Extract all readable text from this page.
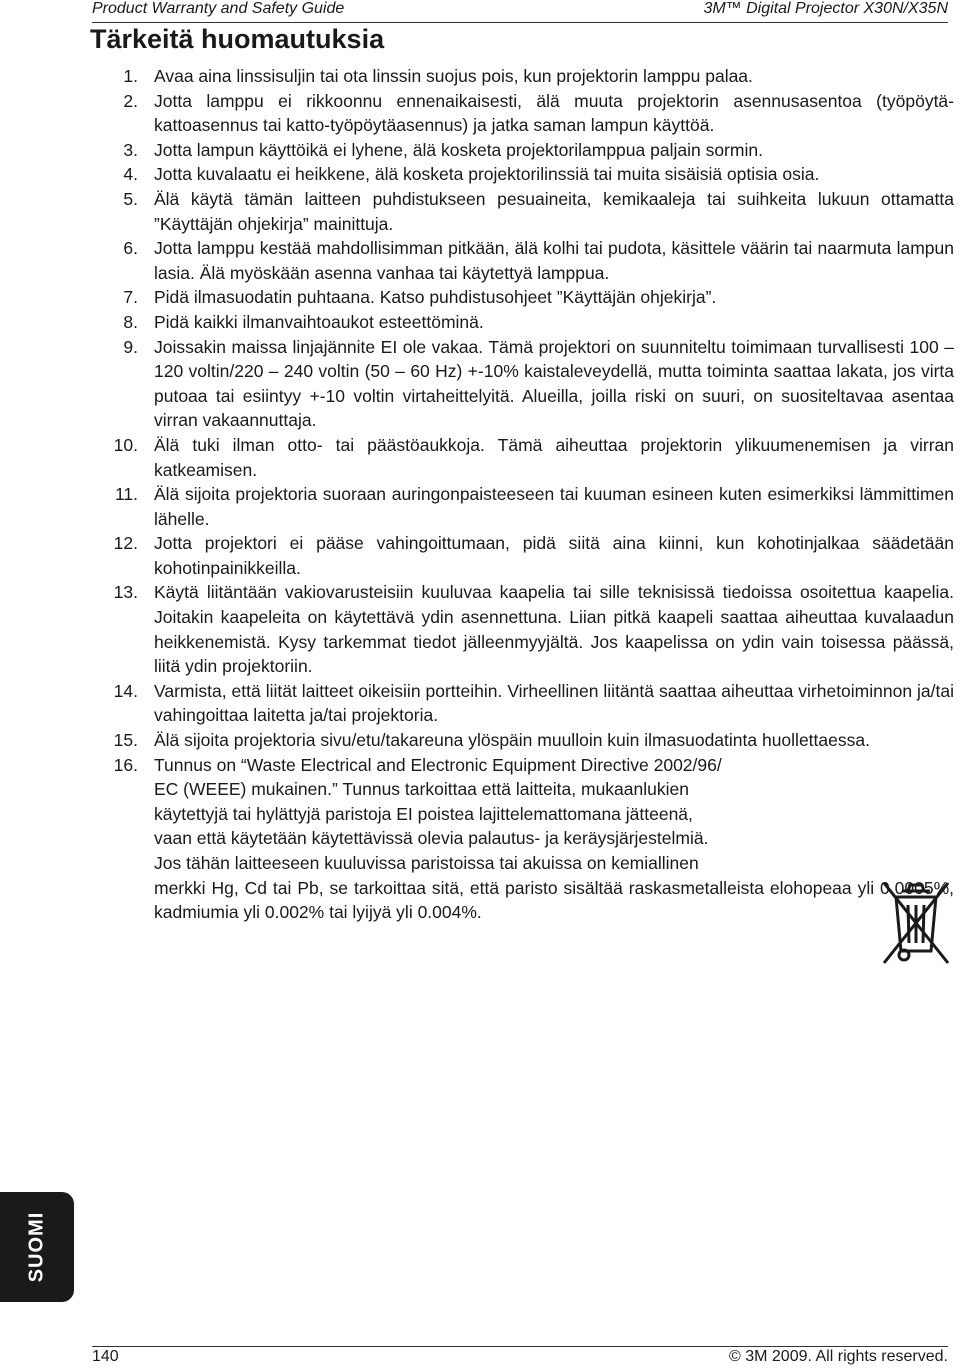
Product Warranty and Safety Guide	3M™ Digital Projector X30N/X35N
Tärkeitä huomautuksia
1. Avaa aina linssisuljin tai ota linssin suojus pois, kun projektorin lamppu palaa.
2. Jotta lamppu ei rikkoonnu ennenaikaisesti, älä muuta projektorin asennusasentoa (työpöytä-kattoasennus tai katto-työpöytäasennus) ja jatka saman lampun käyttöä.
3. Jotta lampun käyttöikä ei lyhene, älä kosketa projektorilamppua paljain sormin.
4. Jotta kuvalaatu ei heikkene, älä kosketa projektorilinssiä tai muita sisäisiä optisia osia.
5. Älä käytä tämän laitteen puhdistukseen pesuaineita, kemikaaleja tai suihkeita lukuun ottamatta ”Käyttäjän ohjekirja” mainittuja.
6. Jotta lamppu kestää mahdollisimman pitkään, älä kolhi tai pudota, käsittele väärin tai naarmuta lampun lasia. Älä myöskään asenna vanhaa tai käytettyä lamppua.
7. Pidä ilmasuodatin puhtaana. Katso puhdistusohjeet ”Käyttäjän ohjekirja”.
8. Pidä kaikki ilmanvaihtoaukot esteettöminä.
9. Joissakin maissa linjajännite EI ole vakaa. Tämä projektori on suunniteltu toimimaan turvallisesti 100 – 120 voltin/220 – 240 voltin (50 – 60 Hz) +-10% kaistaleveydellä, mutta toiminta saattaa lakata, jos virta putoaa tai esiintyy +-10 voltin virtaheittelyitä. Alueilla, joilla riski on suuri, on suositeltavaa asentaa virran vakaannuttaja.
10. Älä tuki ilman otto- tai päästöaukkoja. Tämä aiheuttaa projektorin ylikuumenemisen ja virran katkeamisen.
11. Älä sijoita projektoria suoraan auringonpaisteeseen tai kuuman esineen kuten esimerkiksi lämmittimen lähelle.
12. Jotta projektori ei pääse vahingoittumaan, pidä siitä aina kiinni, kun kohotinjalkaa säädetään kohotinpainikkeilla.
13. Käytä liitäntään vakiovarusteisiin kuuluvaa kaapelia tai sille teknisissä tiedoissa osoitettua kaapelia. Joitakin kaapeleita on käytettävä ydin asennettuna. Liian pitkä kaapeli saattaa aiheuttaa kuvalaadun heikkenemistä. Kysy tarkemmat tiedot jälleenmyyjältä. Jos kaapelissa on ydin vain toisessa päässä, liitä ydin projektoriin.
14. Varmista, että liität laitteet oikeisiin portteihin. Virheellinen liitäntä saattaa aiheuttaa virhetoiminnon ja/tai vahingoittaa laitetta ja/tai projektoria.
15. Älä sijoita projektoria sivu/etu/takareuna ylöspäin muulloin kuin ilmasuodatinta huollettaessa.
16. Tunnus on “Waste Electrical and Electronic Equipment Directive 2002/96/
EC (WEEE) mukainen.” Tunnus tarkoittaa että laitteita, mukaanlukien
käytettyjä tai hylättyjä paristoja EI poistea lajittelemattomana jätteenä,
vaan että käytetään käytettävissä olevia palautus- ja keräysjärjestelmiä.
Jos tähän laitteeseen kuuluvissa paristoissa tai akuissa on kemiallinen
merkki Hg, Cd tai Pb, se tarkoittaa sitä, että paristo sisältää raskasmetalleista elohopeaa yli 0.0005%, kadmiumia yli 0.002% tai lyijyä yli 0.004%.
SUOMI
140	© 3M 2009. All rights reserved.
